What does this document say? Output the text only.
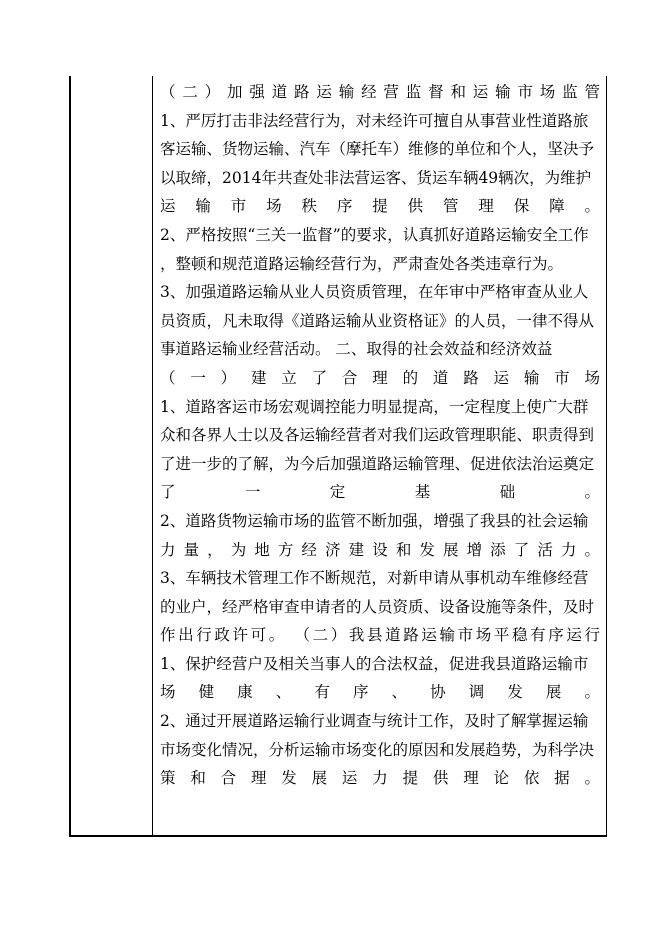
（二）加强道路运输经营监督和运输市场监管
1、严厉打击非法经营行为，对未经许可擅自从事营业性道路旅
客运输、货物运输、汽车（摩托车）维修的单位和个人，坚决予
以取缔，2014年共查处非法营运客、货运车辆49辆次，为维护
运 输 市 场 秩 序 提 供 管 理 保 障 。
2、严格按照“三关一监督”的要求，认真抓好道路运输安全工作
，整顿和规范道路运输经营行为，严肃查处各类违章行为。
3、加强道路运输从业人员资质管理，在年审中严格审查从业人
员资质，凡未取得《道路运输从业资格证》的人员，一律不得从
事道路运输业经营活动。 二、取得的社会效益和经济效益
（ 一 ） 建 立 了 合 理 的 道 路 运 输 市 场
1、道路客运市场宏观调控能力明显提高，一定程度上使广大群
众和各界人士以及各运输经营者对我们运政管理职能、职责得到
了进一步的了解，为今后加强道路运输管理、促进依法治运奠定
了 一 定 基 础 。
2、道路货物运输市场的监管不断加强，增强了我县的社会运输
力 量 ， 为 地 方 经 济 建 设 和 发 展 增 添 了 活 力 。
3、车辆技术管理工作不断规范，对新申请从事机动车维修经营
的业户，经严格审查申请者的人员资质、设备设施等条件，及时
作出行政许可。 （二）我县道路运输市场平稳有序运行
1、保护经营户及相关当事人的合法权益，促进我县道路运输市
场 健 康 、 有 序 、 协 调 发 展 。
2、通过开展道路运输行业调查与统计工作，及时了解掌握运输
市场变化情况，分析运输市场变化的原因和发展趋势，为科学决
策 和 合 理 发 展 运 力 提 供 理 论 依 据 。
